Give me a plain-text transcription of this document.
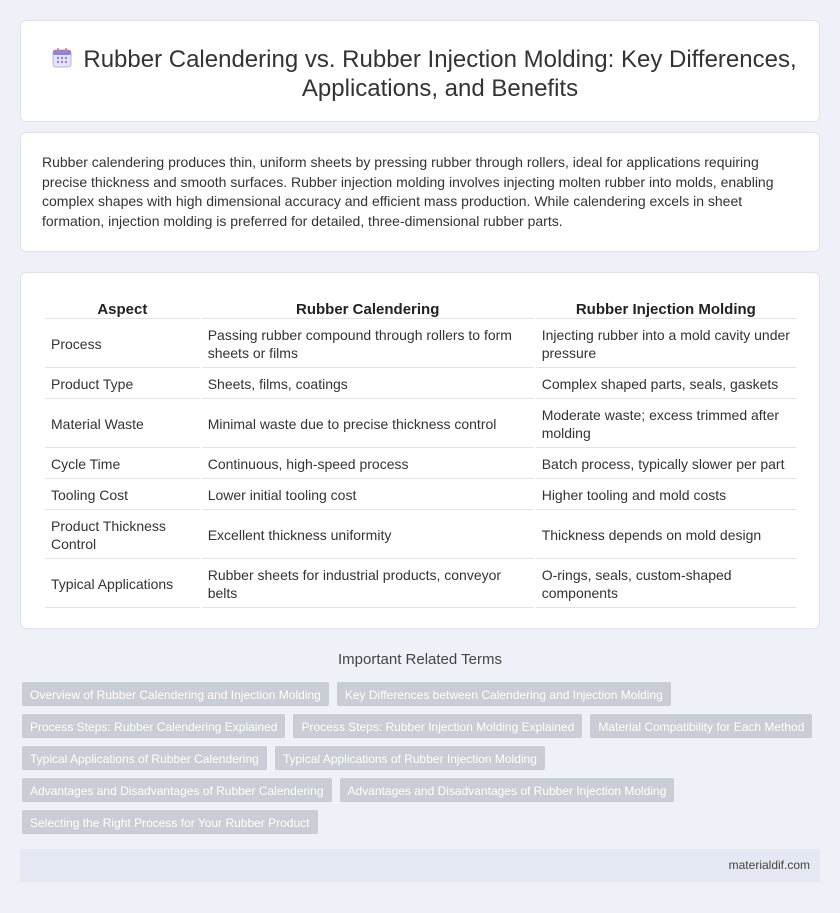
Rubber Calendering vs. Rubber Injection Molding: Key Differences, Applications, and Benefits

Rubber calendering produces thin, uniform sheets by pressing rubber through rollers, ideal for applications requiring precise thickness and smooth surfaces. Rubber injection molding involves injecting molten rubber into molds, enabling complex shapes with high dimensional accuracy and efficient mass production. While calendering excels in sheet formation, injection molding is preferred for detailed, three-dimensional rubber parts.

Aspect	Rubber Calendering	Rubber Injection Molding
Process	Passing rubber compound through rollers to form sheets or films	Injecting rubber into a mold cavity under pressure
Product Type	Sheets, films, coatings	Complex shaped parts, seals, gaskets
Material Waste	Minimal waste due to precise thickness control	Moderate waste; excess trimmed after molding
Cycle Time	Continuous, high-speed process	Batch process, typically slower per part
Tooling Cost	Lower initial tooling cost	Higher tooling and mold costs
Product Thickness Control	Excellent thickness uniformity	Thickness depends on mold design
Typical Applications	Rubber sheets for industrial products, conveyor belts	O-rings, seals, custom-shaped components
Important Related Terms
Overview of Rubber Calendering and Injection Molding	Key Differences between Calendering and Injection Molding
Process Steps: Rubber Calendering Explained	Process Steps: Rubber Injection Molding Explained	Material Compatibility for Each Method
Typical Applications of Rubber Calendering	Typical Applications of Rubber Injection Molding
Advantages and Disadvantages of Rubber Calendering	Advantages and Disadvantages of Rubber Injection Molding
Selecting the Right Process for Your Rubber Product
materialdif.com
